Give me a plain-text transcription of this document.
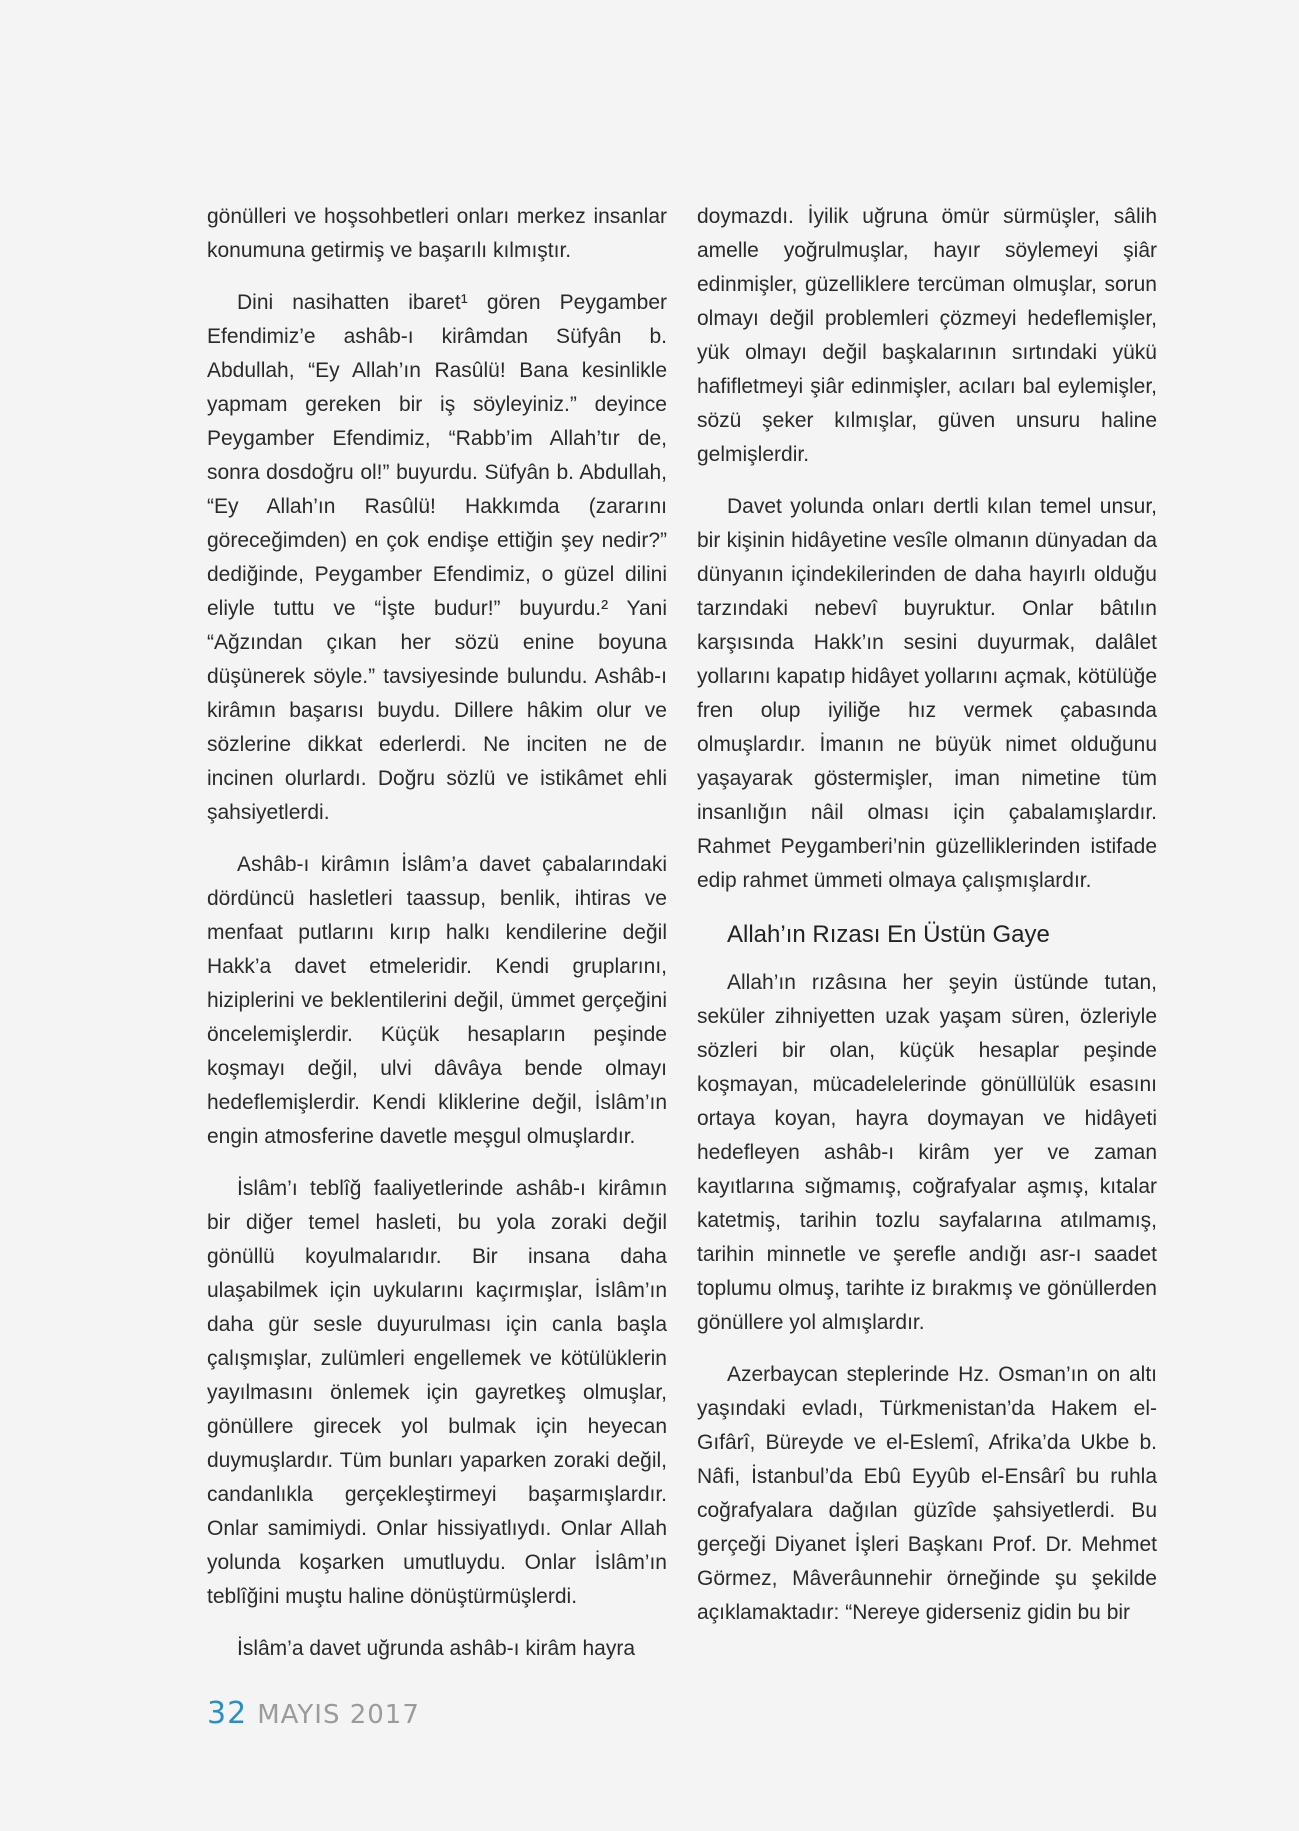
gönülleri ve hoşsohbetleri onları merkez insanlar konumuna getirmiş ve başarılı kılmıştır.

Dini nasihatten ibaret¹ gören Peygamber Efendimiz’e ashâb-ı kirâmdan Süfyân b. Abdullah, “Ey Allah’ın Rasûlü! Bana kesinlikle yapmam gereken bir iş söyleyiniz.” deyince Peygamber Efendimiz, “Rabb’im Allah’tır de, sonra dosdoğru ol!” buyurdu. Süfyân b. Abdullah, “Ey Allah’ın Rasûlü! Hakkımda (zararını göreceğimden) en çok endişe ettiğin şey nedir?” dediğinde, Peygamber Efendimiz, o güzel dilini eliyle tuttu ve “İşte budur!” buyurdu.² Yani “Ağzından çıkan her sözü enine boyuna düşünerek söyle.” tavsiyesinde bulundu. Ashâb-ı kirâmın başarısı buydu. Dillere hâkim olur ve sözlerine dikkat ederlerdi. Ne inciten ne de incinen olurlardı. Doğru sözlü ve istikâmet ehli şahsiyetlerdi.

Ashâb-ı kirâmın İslâm’a davet çabalarındaki dördüncü hasletleri taassup, benlik, ihtiras ve menfaat putlarını kırıp halkı kendilerine değil Hakk’a davet etmeleridir. Kendi gruplarını, hiziplerini ve beklentilerini değil, ümmet gerçeğini öncelemişlerdir. Küçük hesapların peşinde koşmayı değil, ulvi dâvâya bende olmayı hedeflemişlerdir. Kendi kliklerine değil, İslâm’ın engin atmosferine davetle meşgul olmuşlardır.

İslâm’ı teblîğ faaliyetlerinde ashâb-ı kirâmın bir diğer temel hasleti, bu yola zoraki değil gönüllü koyulmalarıdır. Bir insana daha ulaşabilmek için uykularını kaçırmışlar, İslâm’ın daha gür sesle duyurulması için canla başla çalışmışlar, zulümleri engellemek ve kötülüklerin yayılmasını önlemek için gayretkeş olmuşlar, gönüllere girecek yol bulmak için heyecan duymuşlardır. Tüm bunları yaparken zoraki değil, candanlıkla gerçekleştirmeyi başarmışlardır. Onlar samimiydi. Onlar hissiyatlıydı. Onlar Allah yolunda koşarken umutluydu. Onlar İslâm’ın teblîğini muştu haline dönüştürmüşlerdi.

İslâm’a davet uğrunda ashâb-ı kirâm hayra

doymazdı. İyilik uğruna ömür sürmüşler, sâlih amelle yoğrulmuşlar, hayır söylemeyi şiâr edinmişler, güzelliklere tercüman olmuşlar, sorun olmayı değil problemleri çözmeyi hedeflemişler, yük olmayı değil başkalarının sırtındaki yükü hafifletmeyi şiâr edinmişler, acıları bal eylemişler, sözü şeker kılmışlar, güven unsuru haline gelmişlerdir.

Davet yolunda onları dertli kılan temel unsur, bir kişinin hidâyetine vesîle olmanın dünyadan da dünyanın içindekilerinden de daha hayırlı olduğu tarzındaki nebevî buyruktur. Onlar bâtılın karşısında Hakk’ın sesini duyurmak, dalâlet yollarını kapatıp hidâyet yollarını açmak, kötülüğe fren olup iyiliğe hız vermek çabasında olmuşlardır. İmanın ne büyük nimet olduğunu yaşayarak göstermişler, iman nimetine tüm insanlığın nâil olması için çabalamışlardır. Rahmet Peygamberi’nin güzelliklerinden istifade edip rahmet ümmeti olmaya çalışmışlardır.

Allah’ın Rızası En Üstün Gaye

Allah’ın rızâsına her şeyin üstünde tutan, seküler zihniyetten uzak yaşam süren, özleriyle sözleri bir olan, küçük hesaplar peşinde koşmayan, mücadelelerinde gönüllülük esasını ortaya koyan, hayra doymayan ve hidâyeti hedefleyen ashâb-ı kirâm yer ve zaman kayıtlarına sığmamış, coğrafyalar aşmış, kıtalar katetmiş, tarihin tozlu sayfalarına atılmamış, tarihin minnetle ve şerefle andığı asr-ı saadet toplumu olmuş, tarihte iz bırakmış ve gönüllerden gönüllere yol almışlardır.

Azerbaycan steplerinde Hz. Osman’ın on altı yaşındaki evladı, Türkmenistan’da Hakem el-Gıfârî, Büreyde ve el-Eslemî, Afrika’da Ukbe b. Nâfi, İstanbul’da Ebû Eyyûb el-Ensârî bu ruhla coğrafyalara dağılan güzîde şahsiyetlerdi. Bu gerçeği Diyanet İşleri Başkanı Prof. Dr. Mehmet Görmez, Mâverâunnehir örneğinde şu şekilde açıklamaktadır: “Nereye giderseniz gidin bu bir

32 MAYIS 2017
